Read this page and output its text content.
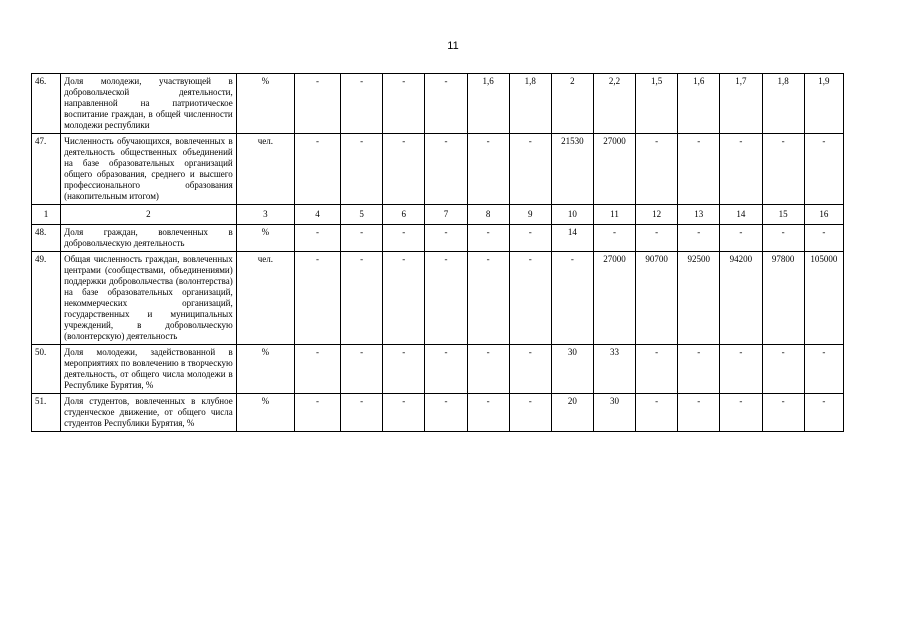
11
46.	Доля молодежи, участвующей в добровольческой деятельности, направленной на патриотическое воспитание граждан, в общей численности молодежи республики	%	-	-	-	-	1,6	1,8	2	2,2	1,5	1,6	1,7	1,8	1,9
47.	Численность обучающихся, вовлеченных в деятельность общественных объединений на базе образовательных организаций общего образования, среднего и высшего профессионального образования (накопительным итогом)	чел.	-	-	-	-	-	-	21530	27000	-	-	-	-	-
1	2	3	4	5	6	7	8	9	10	11	12	13	14	15	16
48.	Доля граждан, вовлеченных в добровольческую деятельность	%	-	-	-	-	-	-	14	-	-	-	-	-	-
49.	Общая численность граждан, вовлеченных центрами (сообществами, объединениями) поддержки добровольчества (волонтерства) на базе образовательных организаций, некоммерческих организаций, государственных и муниципальных учреждений, в добровольческую (волонтерскую) деятельность	чел.	-	-	-	-	-	-	-	27000	90700	92500	94200	97800	105000
50.	Доля молодежи, задействованной в мероприятиях по вовлечению в творческую деятельность, от общего числа молодежи в Республике Бурятия, %	%	-	-	-	-	-	-	30	33	-	-	-	-	-
51.	Доля студентов, вовлеченных в клубное студенческое движение, от общего числа студентов Республики Бурятия, %	%	-	-	-	-	-	-	20	30	-	-	-	-	-
